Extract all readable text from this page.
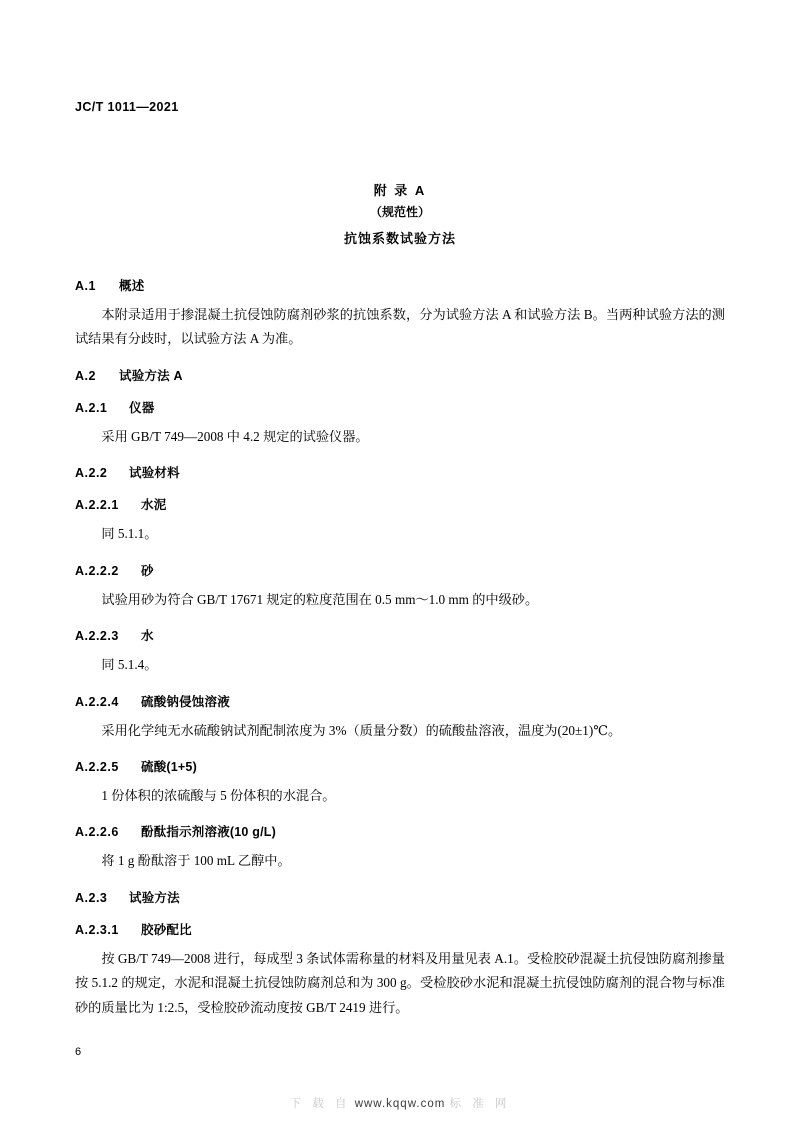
JC/T 1011—2021
附 录 A
（规范性）
抗蚀系数试验方法
A.1 概述

本附录适用于掺混凝土抗侵蚀防腐剂砂浆的抗蚀系数，分为试验方法 A 和试验方法 B。当两种试验方法的测试结果有分歧时，以试验方法 A 为准。

A.2 试验方法 A
A.2.1 仪器

采用 GB/T 749—2008 中 4.2 规定的试验仪器。

A.2.2 试验材料
A.2.2.1 水泥

同 5.1.1。

A.2.2.2 砂

试验用砂为符合 GB/T 17671 规定的粒度范围在 0.5 mm～1.0 mm 的中级砂。

A.2.2.3 水

同 5.1.4。

A.2.2.4 硫酸钠侵蚀溶液

采用化学纯无水硫酸钠试剂配制浓度为 3%（质量分数）的硫酸盐溶液，温度为(20±1)℃。

A.2.2.5 硫酸(1+5)

1 份体积的浓硫酸与 5 份体积的水混合。

A.2.2.6 酚酞指示剂溶液(10 g/L)

将 1 g 酚酞溶于 100 mL 乙醇中。

A.2.3 试验方法
A.2.3.1 胶砂配比

按 GB/T 749—2008 进行，每成型 3 条试体需称量的材料及用量见表 A.1。受检胶砂混凝土抗侵蚀防腐剂掺量按 5.1.2 的规定，水泥和混凝土抗侵蚀防腐剂总和为 300 g。受检胶砂水泥和混凝土抗侵蚀防腐剂的混合物与标准砂的质量比为 1:2.5，受检胶砂流动度按 GB/T 2419 进行。

6
下 载 自 www.kqqw.com 标 准 网
